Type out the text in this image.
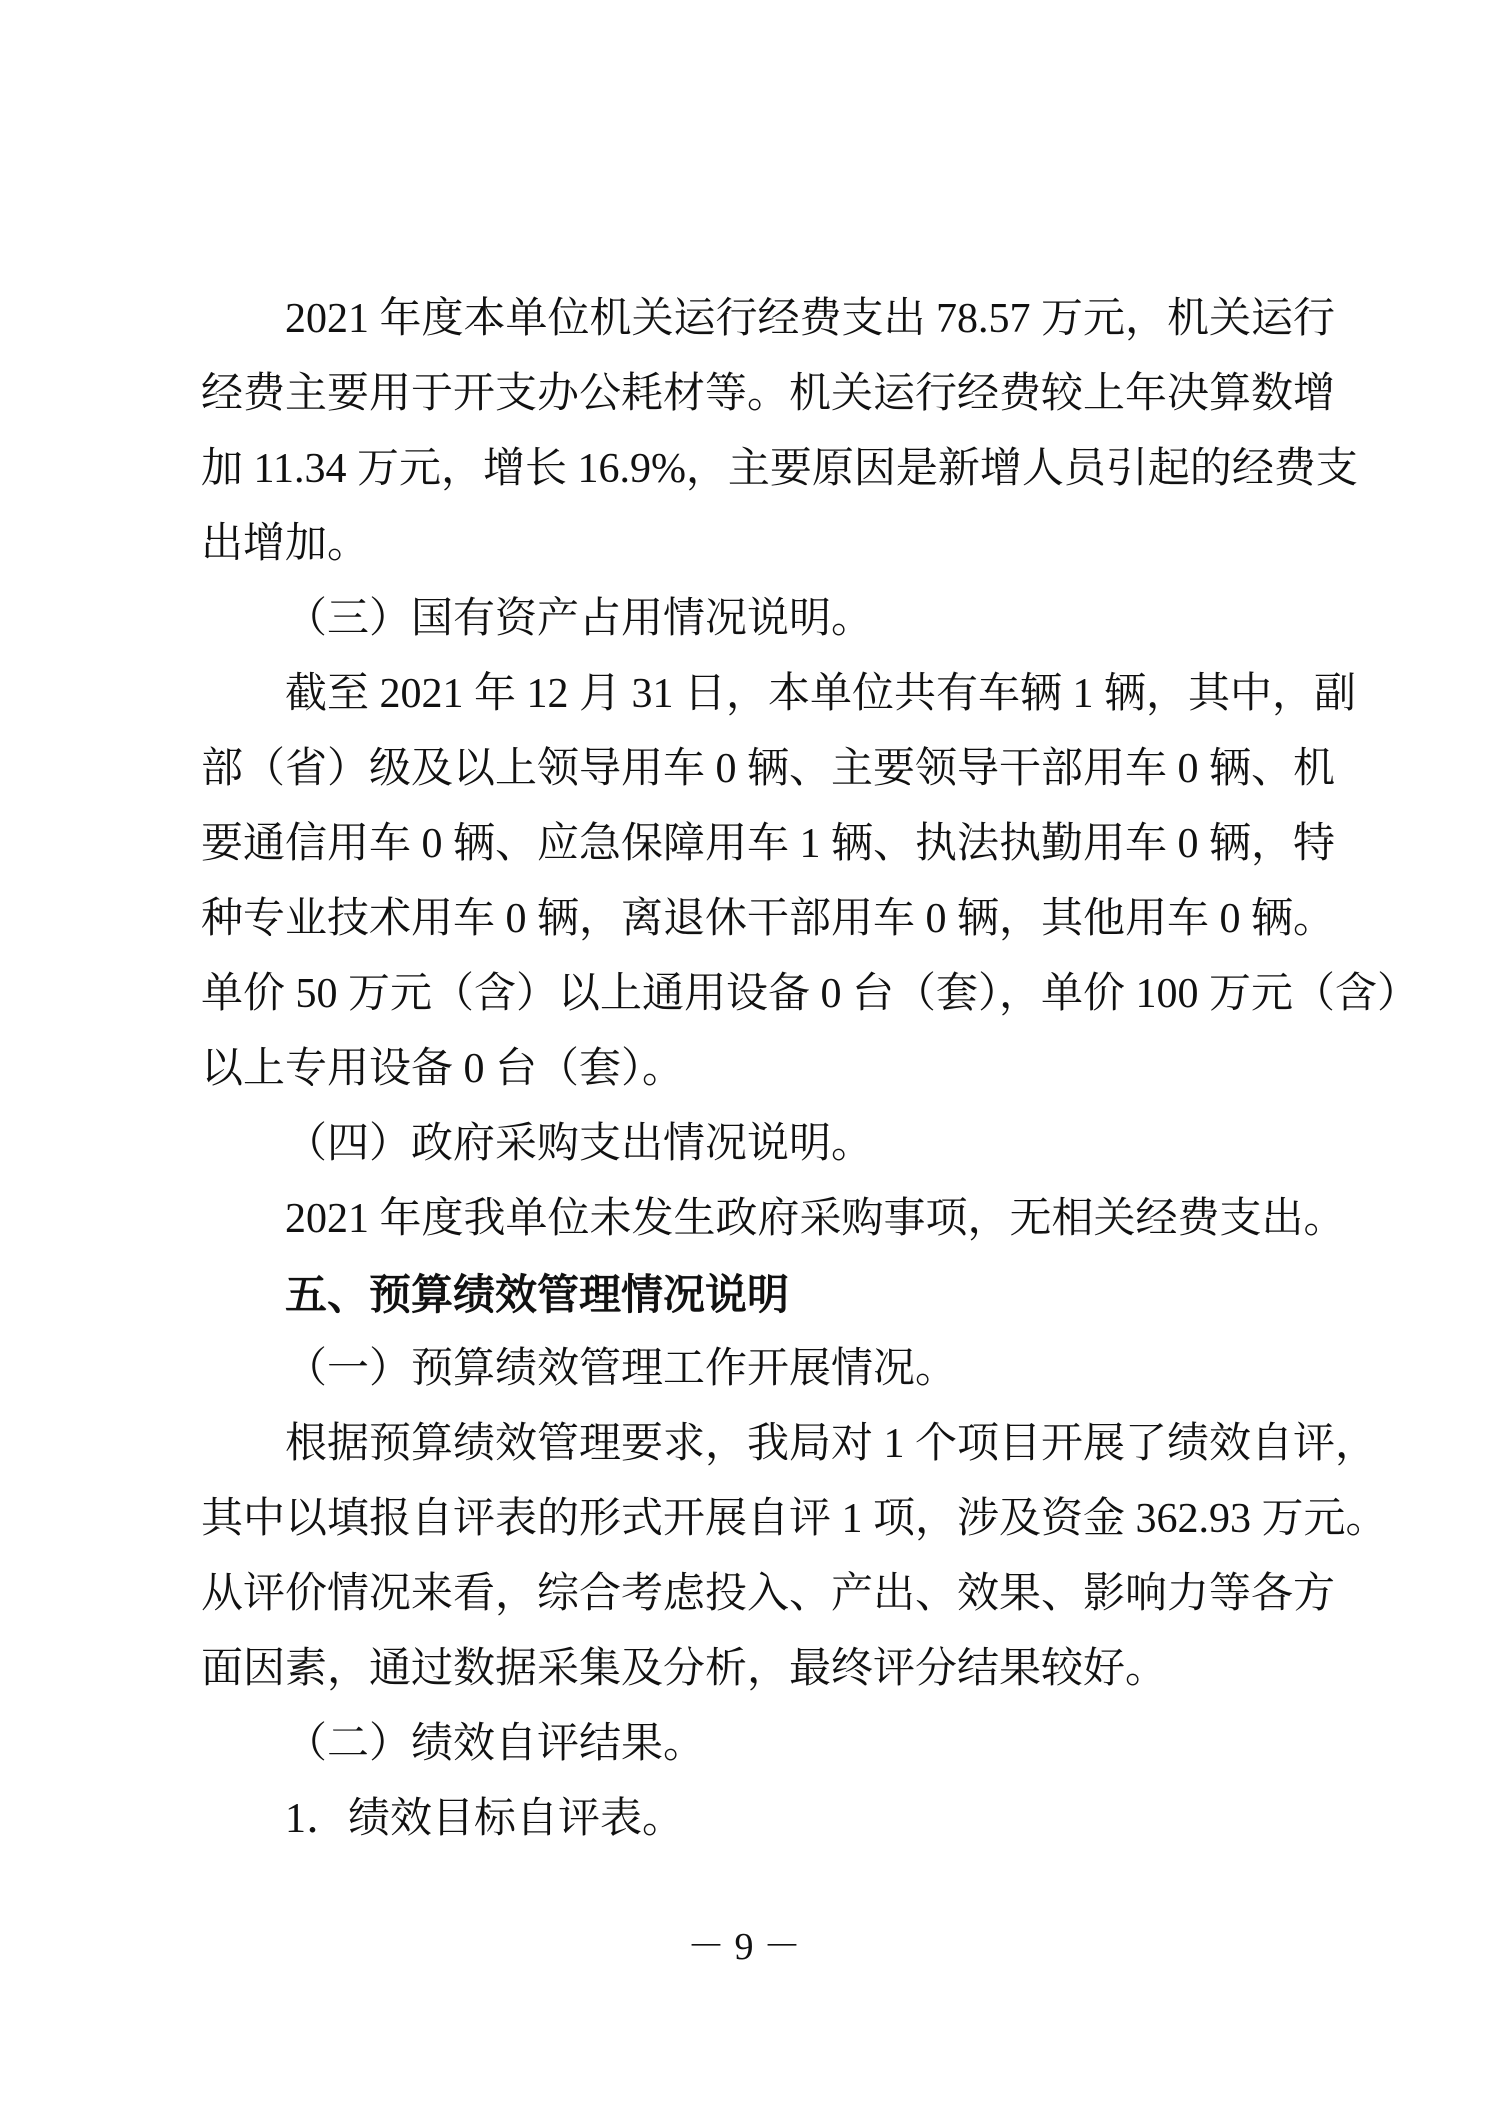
2021 年度本单位机关运行经费支出 78.57 万元，机关运行
经费主要用于开支办公耗材等。机关运行经费较上年决算数增
加 11.34 万元，增长 16.9%，主要原因是新增人员引起的经费支
出增加。
（三）国有资产占用情况说明。
截至 2021 年 12 月 31 日，本单位共有车辆 1 辆，其中，副
部（省）级及以上领导用车 0 辆、主要领导干部用车 0 辆、机
要通信用车 0 辆、应急保障用车 1 辆、执法执勤用车 0 辆，特
种专业技术用车 0 辆，离退休干部用车 0 辆，其他用车 0 辆。
单价 50 万元（含）以上通用设备 0 台（套），单价 100 万元（含）
以上专用设备 0 台（套）。
（四）政府采购支出情况说明。
2021 年度我单位未发生政府采购事项，无相关经费支出。
五、预算绩效管理情况说明
（一）预算绩效管理工作开展情况。
根据预算绩效管理要求，我局对 1 个项目开展了绩效自评，
其中以填报自评表的形式开展自评 1 项，涉及资金 362.93 万元。
从评价情况来看，综合考虑投入、产出、效果、影响力等各方
面因素，通过数据采集及分析，最终评分结果较好。
（二）绩效自评结果。
1．绩效目标自评表。
－ 9 －
